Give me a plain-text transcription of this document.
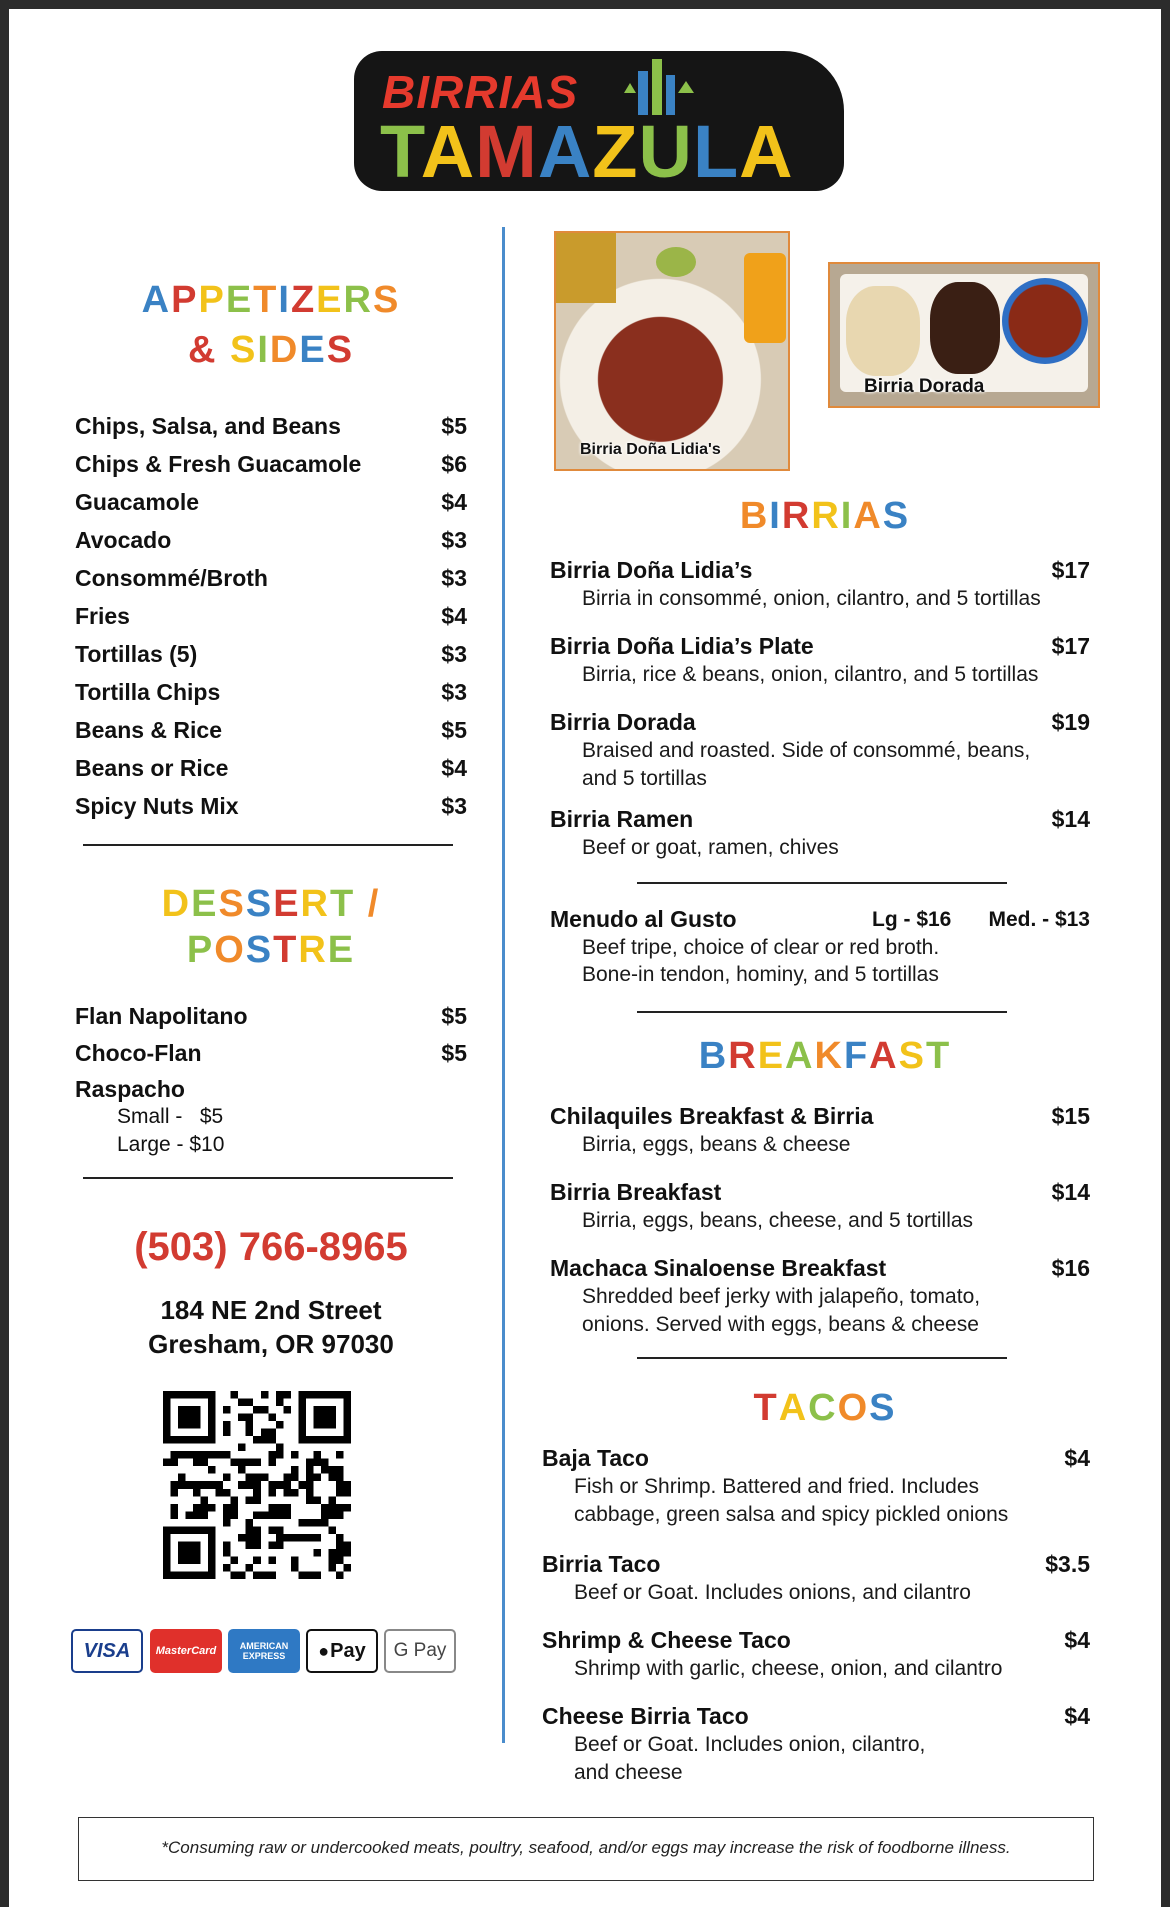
BIRRIAS
TAMAZULA
APPETIZERS
& SIDES
Chips, Salsa, and Beans	$5
Chips & Fresh Guacamole	$6
Guacamole	$4
Avocado	$3
Consommé/Broth	$3
Fries	$4
Tortillas (5)	$3
Tortilla Chips	$3
Beans & Rice	$5
Beans or Rice	$4
Spicy Nuts Mix	$3
DESSERT /
POSTRE
Flan Napolitano	$5
Choco-Flan	$5
Raspacho
Small -   $5
Large - $10
(503) 766-8965
184 NE 2nd Street
Gresham, OR 97030
VISA MasterCard	AMERICAN EXPRESS	● Pay G Pay
Birria Doña Lidia's
Birria Dorada
BIRRIAS
Birria Doña Lidia’s	$17
Birria in consommé, onion, cilantro, and 5 tortillas
Birria Doña Lidia’s Plate	$17
Birria, rice & beans, onion, cilantro, and 5 tortillas
Birria Dorada	$19
Braised and roasted. Side of consommé, beans,
and 5 tortillas
Birria Ramen	$14
Beef or goat, ramen, chives
Menudo al Gusto	Lg - $16 Med. - $13
Beef tripe, choice of clear or red broth.
Bone-in tendon, hominy, and 5 tortillas
BREAKFAST
Chilaquiles Breakfast & Birria	$15
Birria, eggs, beans & cheese
Birria Breakfast	$14
Birria, eggs, beans, cheese, and 5 tortillas
Machaca Sinaloense Breakfast	$16
Shredded beef jerky with jalapeño, tomato,
onions. Served with eggs, beans & cheese
TACOS
Baja Taco	$4
Fish or Shrimp. Battered and fried. Includes
cabbage, green salsa and spicy pickled onions
Birria Taco	$3.5
Beef or Goat. Includes onions, and cilantro
Shrimp & Cheese Taco	$4
Shrimp with garlic, cheese, onion, and cilantro
Cheese Birria Taco	$4
Beef or Goat. Includes onion, cilantro,
and cheese
*Consuming raw or undercooked meats, poultry, seafood, and/or eggs may increase the risk of foodborne illness.
